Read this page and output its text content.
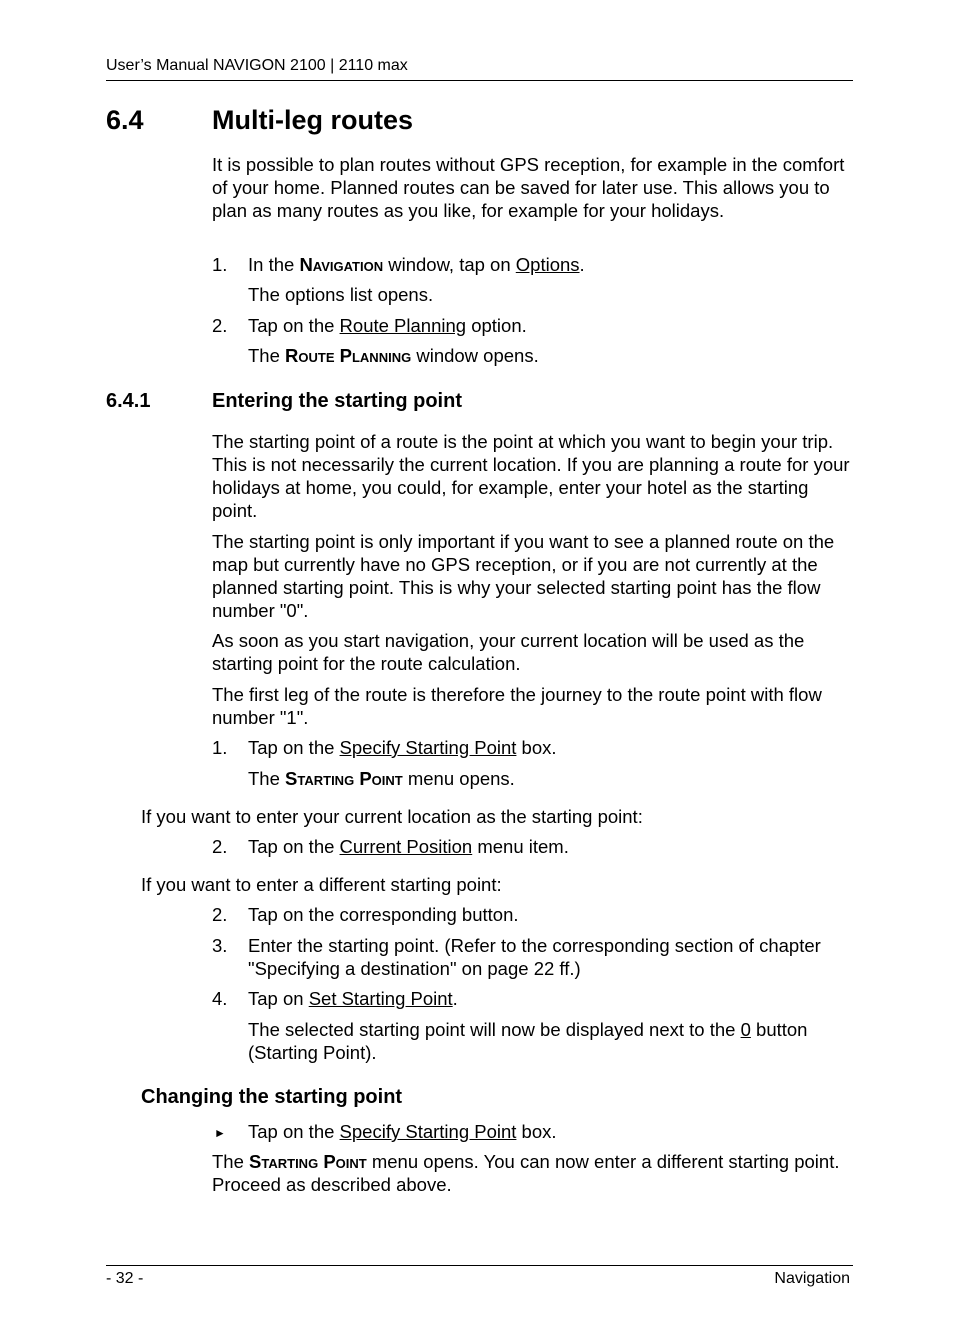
User’s Manual NAVIGON 2100 | 2110 max
6.4	Multi-leg routes
It is possible to plan routes without GPS reception, for example in the comfort of your home. Planned routes can be saved for later use. This allows you to plan as many routes as you like, for example for your holidays.
1. In the Navigation window, tap on Options.
The options list opens.
2. Tap on the Route Planning option.
The Route Planning window opens.
6.4.1	Entering the starting point
The starting point of a route is the point at which you want to begin your trip. This is not necessarily the current location. If you are planning a route for your holidays at home, you could, for example, enter your hotel as the starting point.
The starting point is only important if you want to see a planned route on the map but currently have no GPS reception, or if you are not currently at the planned starting point. This is why your selected starting point has the flow number "0".
As soon as you start navigation, your current location will be used as the starting point for the route calculation.
The first leg of the route is therefore the journey to the route point with flow number "1".
1. Tap on the Specify Starting Point box.
The Starting Point menu opens.
If you want to enter your current location as the starting point:
2. Tap on the Current Position menu item.
If you want to enter a different starting point:
2. Tap on the corresponding button.
3. Enter the starting point. (Refer to the corresponding section of chapter "Specifying a destination" on page 22 ff.)
4. Tap on Set Starting Point.
The selected starting point will now be displayed next to the 0 button (Starting Point).
Changing the starting point
► Tap on the Specify Starting Point box.
The Starting Point menu opens. You can now enter a different starting point. Proceed as described above.
- 32 -	Navigation
